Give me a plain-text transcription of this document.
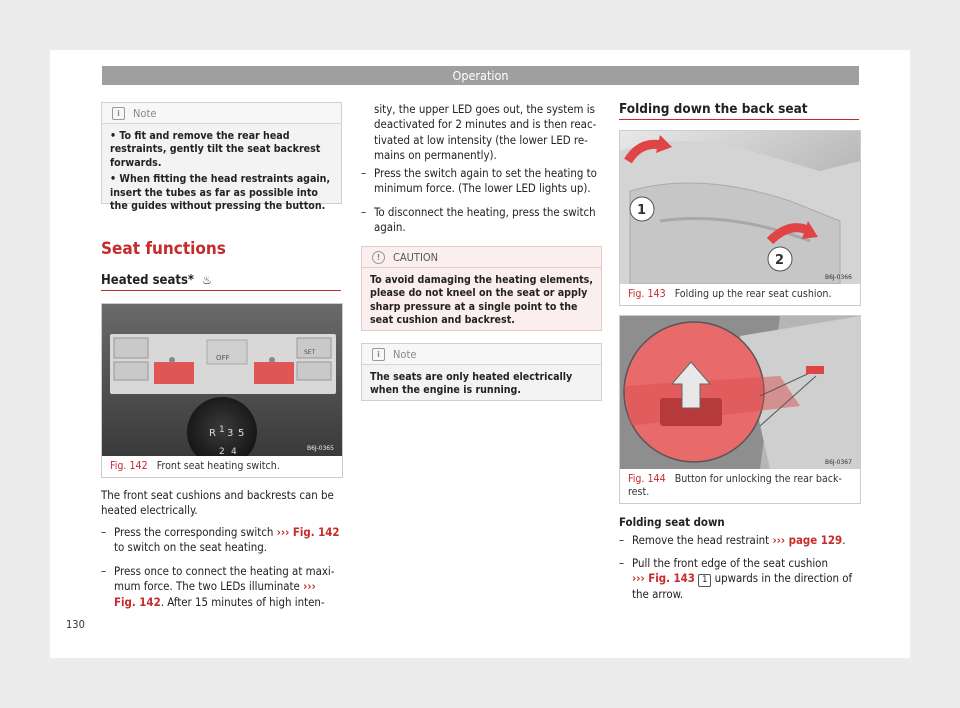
Operation
i	Note
• To fit and remove the rear head restraints, gently tilt the seat backrest forwards.
• When fitting the head restraints again, insert the tubes as far as possible into the guides without pressing the button.
Seat functions
Heated seats* ♨
R 1 3 5
2 4
OFF
SET
B6J-0365
Fig. 142 Front seat heating switch.

The front seat cushions and backrests can be heated electrically.

– Press the corresponding switch ››› Fig. 142 to switch on the seat heating.

– Press once to connect the heating at maxi-mum force. The two LEDs illuminate ››› Fig. 142. After 15 minutes of high inten-

sity, the upper LED goes out, the system is deactivated for 2 minutes and is then reac-tivated at low intensity (the lower LED re-mains on permanently).

– Press the switch again to set the heating to minimum force. (The lower LED lights up).

– To disconnect the heating, press the switch again.

!	CAUTION
To avoid damaging the heating elements, please do not kneel on the seat or apply sharp pressure at a single point to the seat cushion and backrest.
i	Note
The seats are only heated electrically when the engine is running.
Folding down the back seat
1
2
B6J-0366
Fig. 143 Folding up the rear seat cushion.
B6J-0367
Fig. 144 Button for unlocking the rear back-rest.

Folding seat down

– Remove the head restraint ››› page 129.

– Pull the front edge of the seat cushion
››› Fig. 143 1 upwards in the direction of the arrow.

130
